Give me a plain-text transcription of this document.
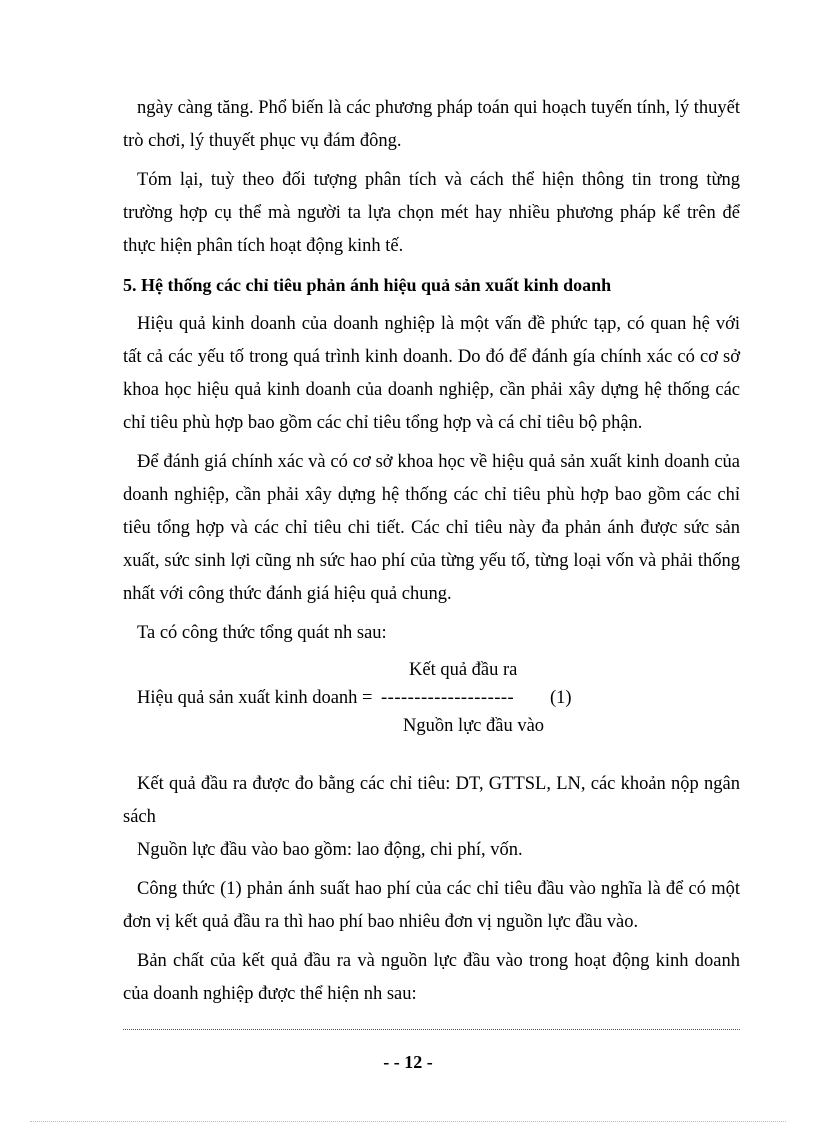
ngày càng tăng. Phổ biến là các phương pháp toán qui hoạch tuyến tính, lý thuyết trò chơi, lý thuyết phục vụ đám đông.

Tóm lại, tuỳ theo đối tượng phân tích và cách thể hiện thông tin trong từng trường hợp cụ thể mà người ta lựa chọn mét hay nhiều phương pháp kể trên để thực hiện phân tích hoạt động kinh tế.

5. Hệ thống các chỉ tiêu phản ánh hiệu quả sản xuất kinh doanh

Hiệu quả kinh doanh của doanh nghiệp là một vấn đề phức tạp, có quan hệ với tất cả các yếu tố trong quá trình kinh doanh. Do đó để đánh gía chính xác có cơ sở khoa học hiệu quả kinh doanh của doanh nghiệp, cần phải xây dựng hệ thống các chỉ tiêu phù hợp bao gồm các chỉ tiêu tổng hợp và cá chỉ tiêu bộ phận.

Để đánh giá chính xác và có cơ sở khoa học về hiệu quả sản xuất kinh doanh của doanh nghiệp, cần phải xây dựng hệ thống các chỉ tiêu phù hợp bao gồm các chỉ tiêu tổng hợp và các chỉ tiêu chi tiết. Các chỉ tiêu này đa phản ánh được sức sản xuất, sức sinh lợi cũng nh sức hao phí của từng yếu tố, từng loại vốn và phải thống nhất với công thức đánh giá hiệu quả chung.

Ta có công thức tổng quát nh sau:

Kết quả đầu ra
Hiệu quả sản xuất kinh doanh = -------------------- (1)
Nguồn lực đầu vào

Kết quả đầu ra được đo bằng các chỉ tiêu: DT, GTTSL, LN, các khoản nộp ngân sách

Nguồn lực đầu vào bao gồm: lao động, chi phí, vốn.

Công thức (1) phản ánh suất hao phí của các chỉ tiêu đầu vào nghĩa là để có một đơn vị kết quả đầu ra thì hao phí bao nhiêu đơn vị nguồn lực đầu vào.

Bản chất của kết quả đầu ra và nguồn lực đầu vào trong hoạt động kinh doanh của doanh nghiệp được thể hiện nh sau:

- - 12 -
